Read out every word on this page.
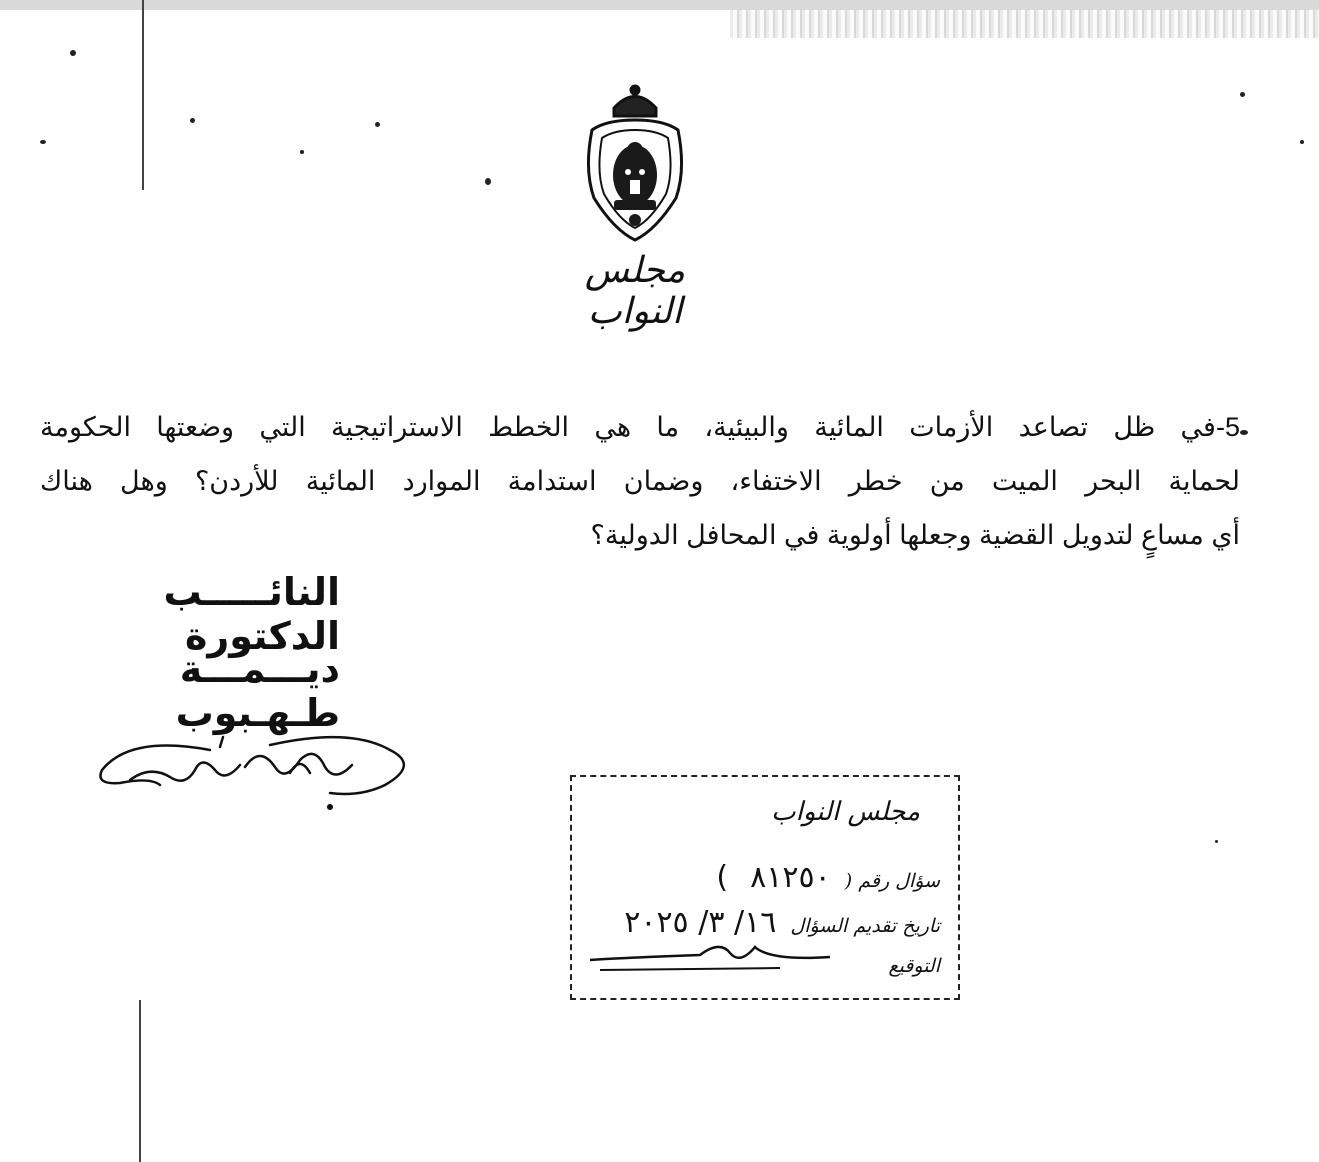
مجلس النواب
5-في ظل تصاعد الأزمات المائية والبيئية، ما هي الخطط الاستراتيجية التي وضعتها الحكومة
لحماية البحر الميت من خطر الاختفاء، وضمان استدامة الموارد المائية للأردن؟ وهل هناك
أي مساعٍ لتدويل القضية وجعلها أولوية في المحافل الدولية؟
النائـــــب الدكتورة
ديـــمـــة طـهـبوب
مجلس النواب
سؤال رقم ( ٨١٢٥٠ )
تاريخ تقديم السؤال ١٦/ ٣/ ٢٠٢٥
التوقيع
